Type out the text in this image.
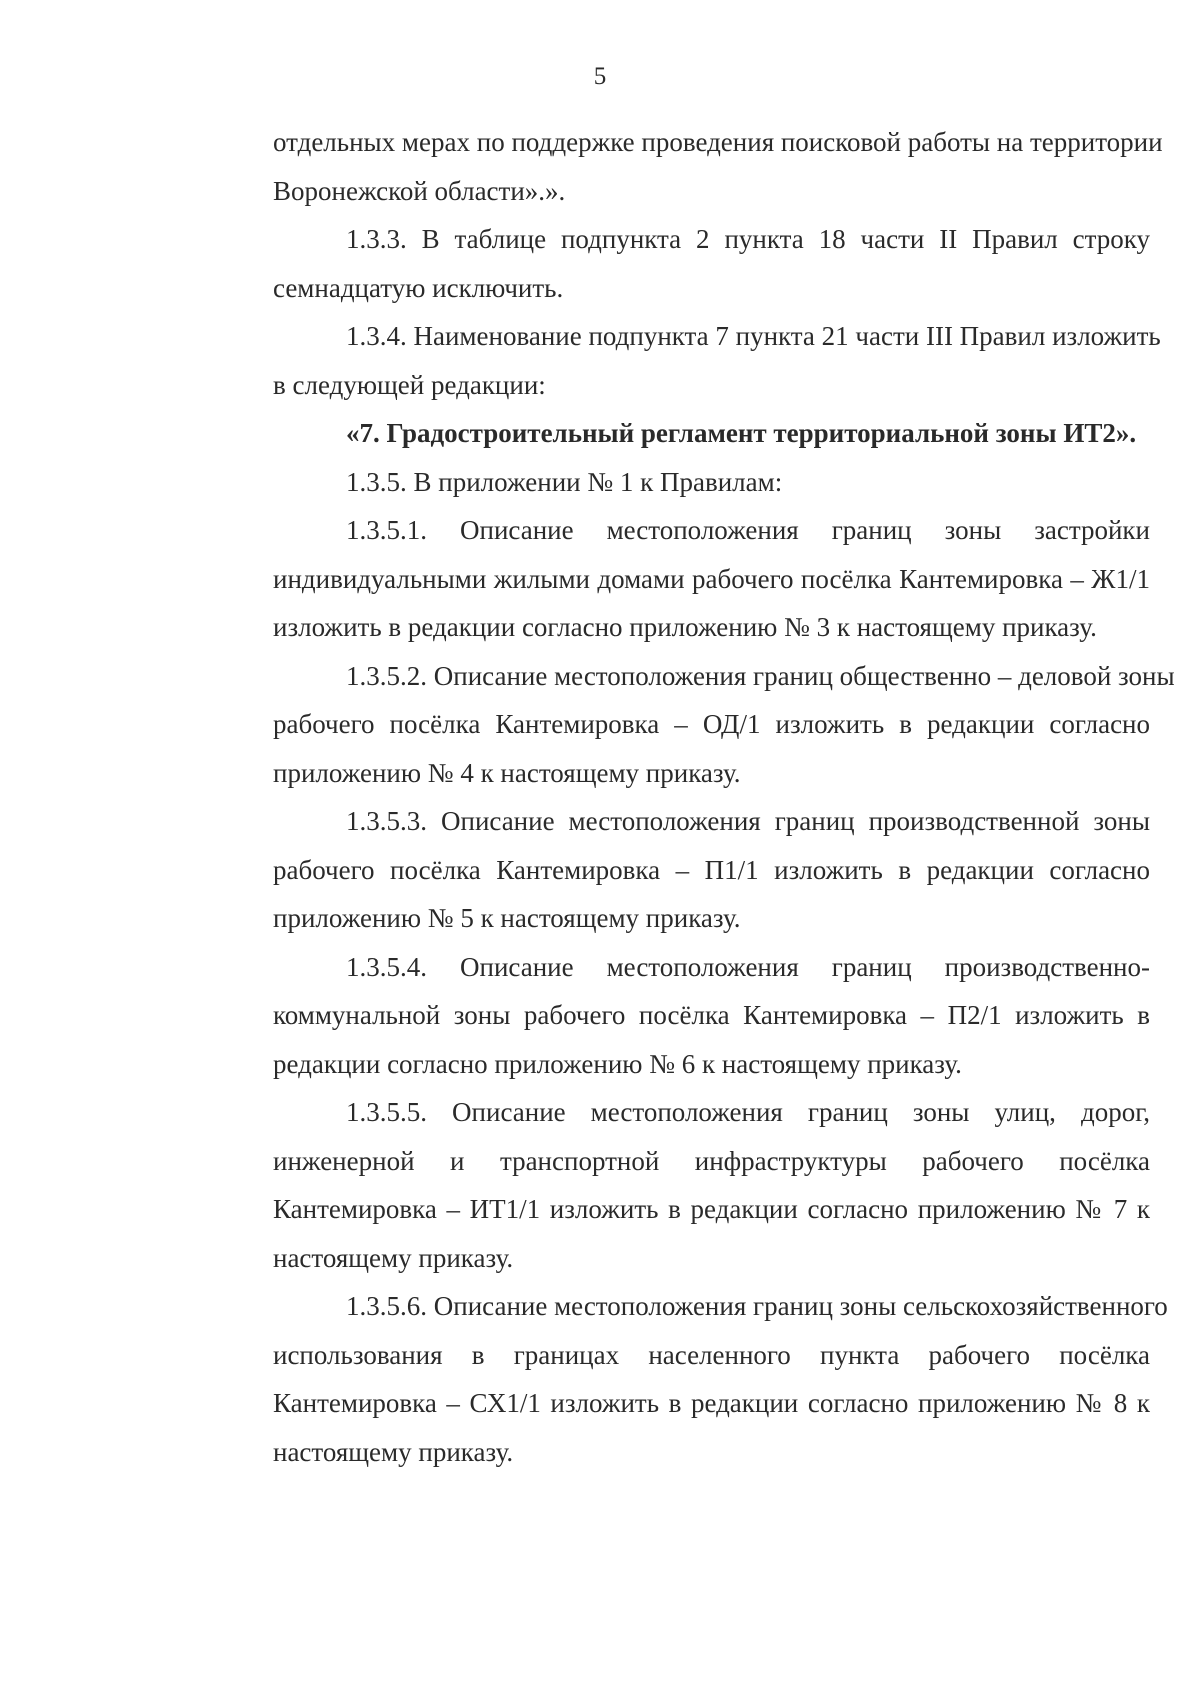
5

отдельных мерах по поддержке проведения поисковой работы на территории
Воронежской области».».

1.3.3. В таблице подпункта 2 пункта 18 части II Правил строку
семнадцатую исключить.

1.3.4. Наименование подпункта 7 пункта 21 части III Правил изложить
в следующей редакции:

«7. Градостроительный регламент территориальной зоны ИТ2».

1.3.5. В приложении № 1 к Правилам:

1.3.5.1. Описание местоположения границ зоны застройки
индивидуальными жилыми домами рабочего посёлка Кантемировка – Ж1/1
изложить в редакции согласно приложению № 3 к настоящему приказу.

1.3.5.2. Описание местоположения границ общественно – деловой зоны
рабочего посёлка Кантемировка – ОД/1 изложить в редакции согласно
приложению № 4 к настоящему приказу.

1.3.5.3. Описание местоположения границ производственной зоны
рабочего посёлка Кантемировка – П1/1 изложить в редакции согласно
приложению № 5 к настоящему приказу.

1.3.5.4. Описание местоположения границ производственно-
коммунальной зоны рабочего посёлка Кантемировка – П2/1 изложить в
редакции согласно приложению № 6 к настоящему приказу.

1.3.5.5. Описание местоположения границ зоны улиц, дорог,
инженерной и транспортной инфраструктуры рабочего посёлка
Кантемировка – ИТ1/1 изложить в редакции согласно приложению № 7 к
настоящему приказу.

1.3.5.6. Описание местоположения границ зоны сельскохозяйственного
использования в границах населенного пункта рабочего посёлка
Кантемировка – СХ1/1 изложить в редакции согласно приложению № 8 к
настоящему приказу.
